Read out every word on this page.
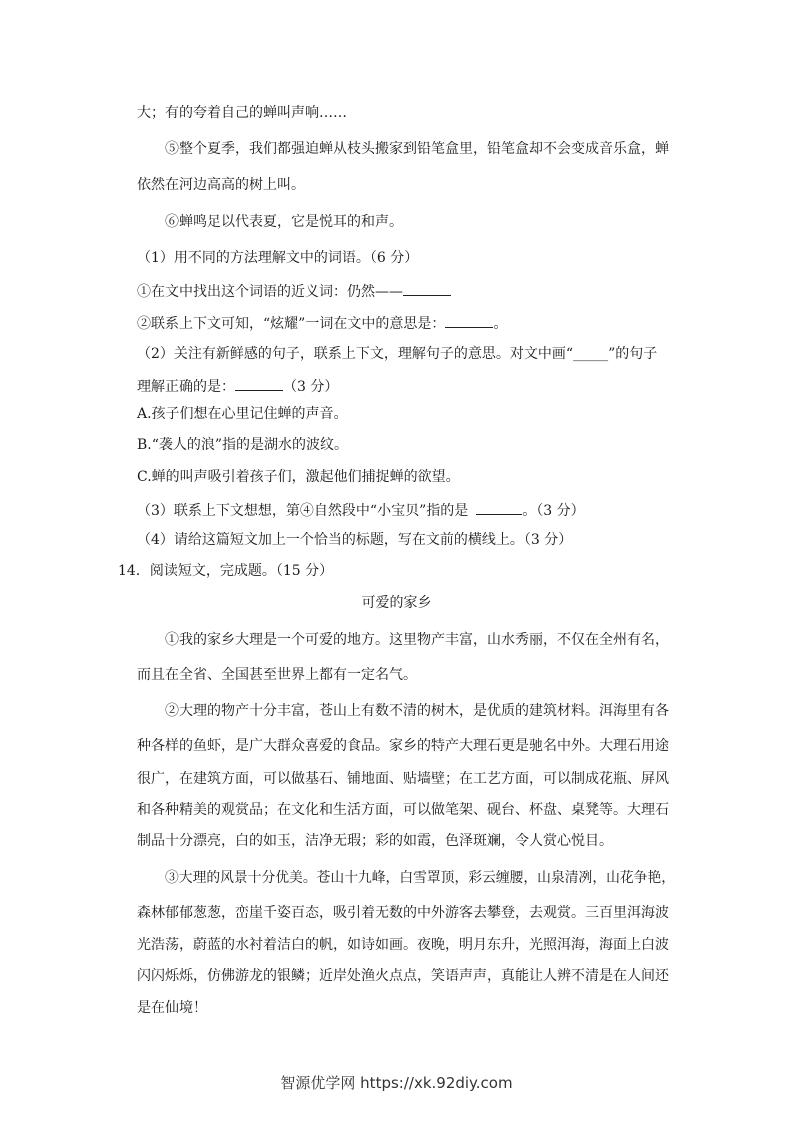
大；有的夸着自己的蝉叫声响……
⑤整个夏季，我们都强迫蝉从枝头搬家到铅笔盒里，铅笔盒却不会变成音乐盒，蝉
依然在河边高高的树上叫。
⑥蝉鸣足以代表夏，它是悦耳的和声。
（1）用不同的方法理解文中的词语。（6 分）
①在文中找出这个词语的近义词：仍然——
②联系上下文可知，“炫耀”一词在文中的意思是：	。
（2）关注有新鲜感的句子，联系上下文，理解句子的意思。对文中画“_____”的句子
理解正确的是：	（3 分）
A.孩子们想在心里记住蝉的声音。
B.“袭人的浪”指的是湖水的波纹。
C.蝉的叫声吸引着孩子们，激起他们捕捉蝉的欲望。
（3）联系上下文想想，第④自然段中“小宝贝”指的是	。（3 分）
（4）请给这篇短文加上一个恰当的标题，写在文前的横线上。（3 分）
14．阅读短文，完成题。（15 分）
可爱的家乡
①我的家乡大理是一个可爱的地方。这里物产丰富，山水秀丽，不仅在全州有名，
而且在全省、全国甚至世界上都有一定名气。
②大理的物产十分丰富，苍山上有数不清的树木，是优质的建筑材料。洱海里有各
种各样的鱼虾，是广大群众喜爱的食品。家乡的特产大理石更是驰名中外。大理石用途
很广，在建筑方面，可以做基石、铺地面、贴墙壁；在工艺方面，可以制成花瓶、屏风
和各种精美的观赏品；在文化和生活方面，可以做笔架、砚台、杯盘、桌凳等。大理石
制品十分漂亮，白的如玉，洁净无瑕；彩的如霞，色泽斑斓，令人赏心悦目。
③大理的风景十分优美。苍山十九峰，白雪罩顶，彩云缠腰，山泉清冽，山花争艳，
森林郁郁葱葱，峦崖千姿百态，吸引着无数的中外游客去攀登，去观赏。三百里洱海波
光浩荡，蔚蓝的水衬着洁白的帆，如诗如画。夜晚，明月东升，光照洱海，海面上白波
闪闪烁烁，仿佛游龙的银鳞；近岸处渔火点点，笑语声声，真能让人辨不清是在人间还
是在仙境！
智源优学网 https://xk.92diy.com
